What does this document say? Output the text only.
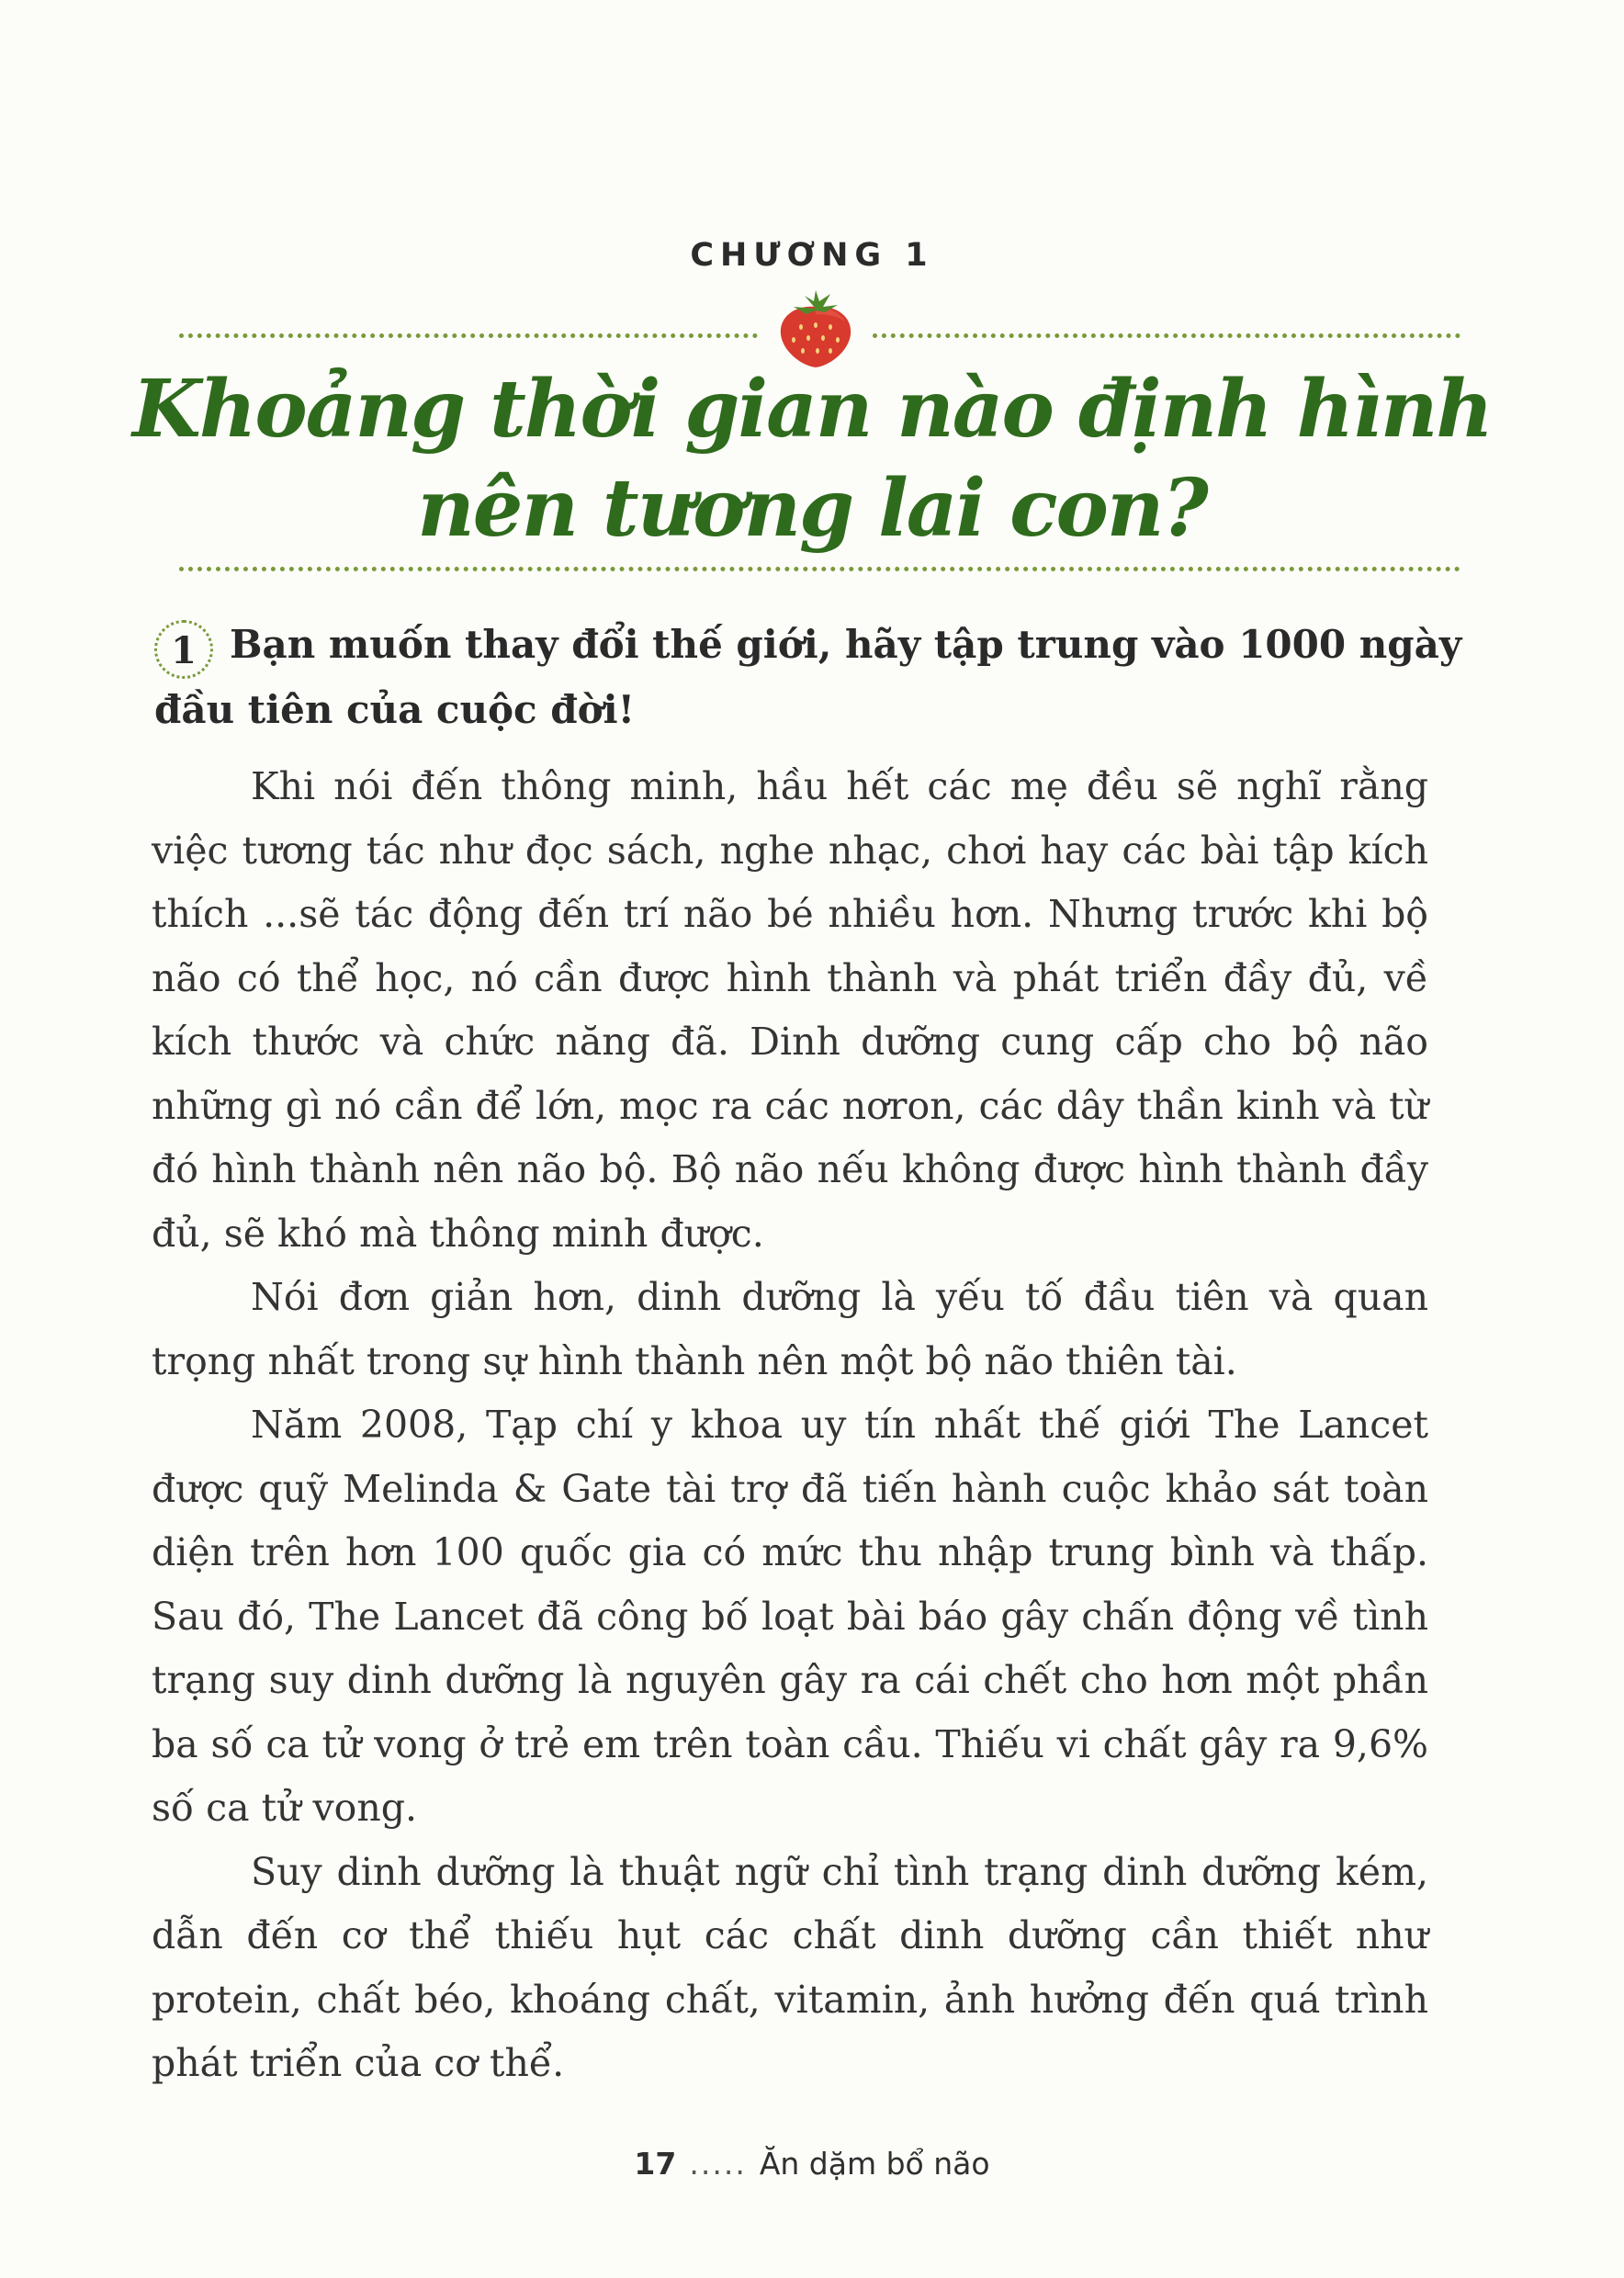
CHƯƠNG 1
Khoảng thời gian nào định hình
nên tương lai con?
1 Bạn muốn thay đổi thế giới, hãy tập trung vào 1000 ngày đầu tiên của cuộc đời!

Khi nói đến thông minh, hầu hết các mẹ đều sẽ nghĩ rằng việc tương tác như đọc sách, nghe nhạc, chơi hay các bài tập kích thích ...sẽ tác động đến trí não bé nhiều hơn. Nhưng trước khi bộ não có thể học, nó cần được hình thành và phát triển đầy đủ, về kích thước và chức năng đã. Dinh dưỡng cung cấp cho bộ não những gì nó cần để lớn, mọc ra các nơron, các dây thần kinh và từ đó hình thành nên não bộ. Bộ não nếu không được hình thành đầy đủ, sẽ khó mà thông minh được.

Nói đơn giản hơn, dinh dưỡng là yếu tố đầu tiên và quan trọng nhất trong sự hình thành nên một bộ não thiên tài.

Năm 2008, Tạp chí y khoa uy tín nhất thế giới The Lancet được quỹ Melinda & Gate tài trợ đã tiến hành cuộc khảo sát toàn diện trên hơn 100 quốc gia có mức thu nhập trung bình và thấp. Sau đó, The Lancet đã công bố loạt bài báo gây chấn động về tình trạng suy dinh dưỡng là nguyên gây ra cái chết cho hơn một phần ba số ca tử vong ở trẻ em trên toàn cầu. Thiếu vi chất gây ra 9,6% số ca tử vong.

Suy dinh dưỡng là thuật ngữ chỉ tình trạng dinh dưỡng kém, dẫn đến cơ thể thiếu hụt các chất dinh dưỡng cần thiết như protein, chất béo, khoáng chất, vitamin, ảnh hưởng đến quá trình phát triển của cơ thể.

17 ..... Ăn dặm bổ não
